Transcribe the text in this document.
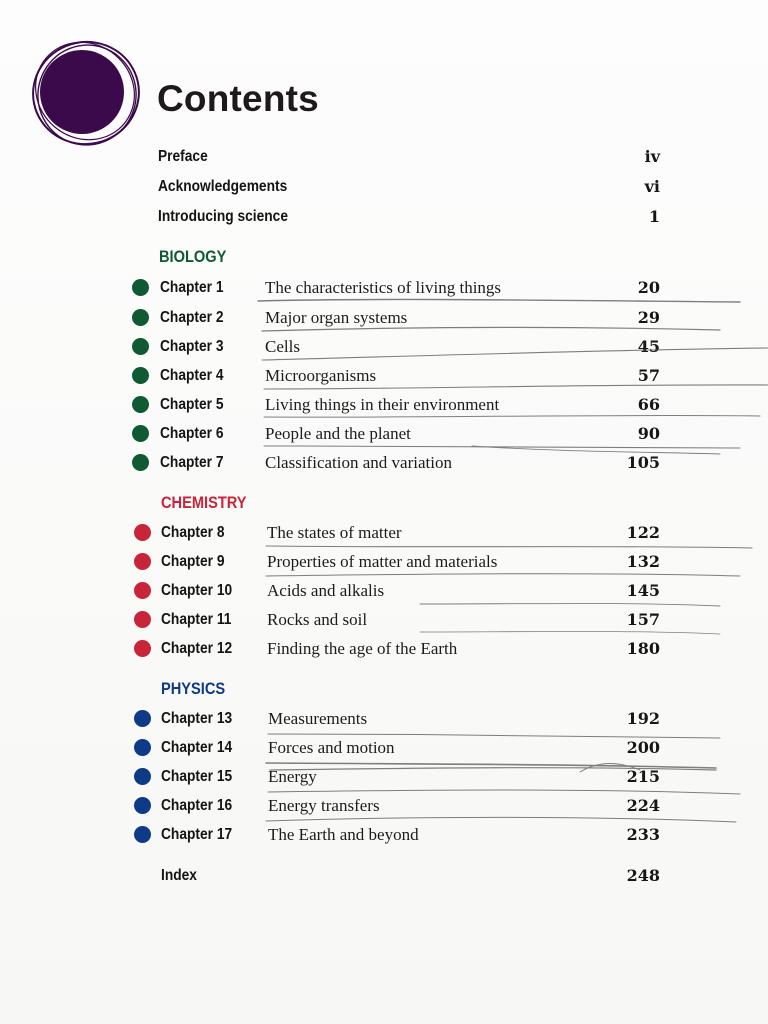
Contents
Preface	iv
Acknowledgements	vi
Introducing science	1
BIOLOGY
Chapter 1 The characteristics of living things	20
Chapter 2 Major organ systems	29
Chapter 3 Cells	45
Chapter 4 Microorganisms	57
Chapter 5 Living things in their environment	66
Chapter 6 People and the planet	90
Chapter 7 Classification and variation	105
CHEMISTRY
Chapter 8	The states of matter	122
Chapter 9	Properties of matter and materials	132
Chapter 10 Acids and alkalis	145
Chapter 11 Rocks and soil	157
Chapter 12 Finding the age of the Earth	180
PHYSICS
Chapter 13 Measurements	192
Chapter 14 Forces and motion	200
Chapter 15 Energy	215
Chapter 16 Energy transfers	224
Chapter 17 The Earth and beyond	233
Index	248
